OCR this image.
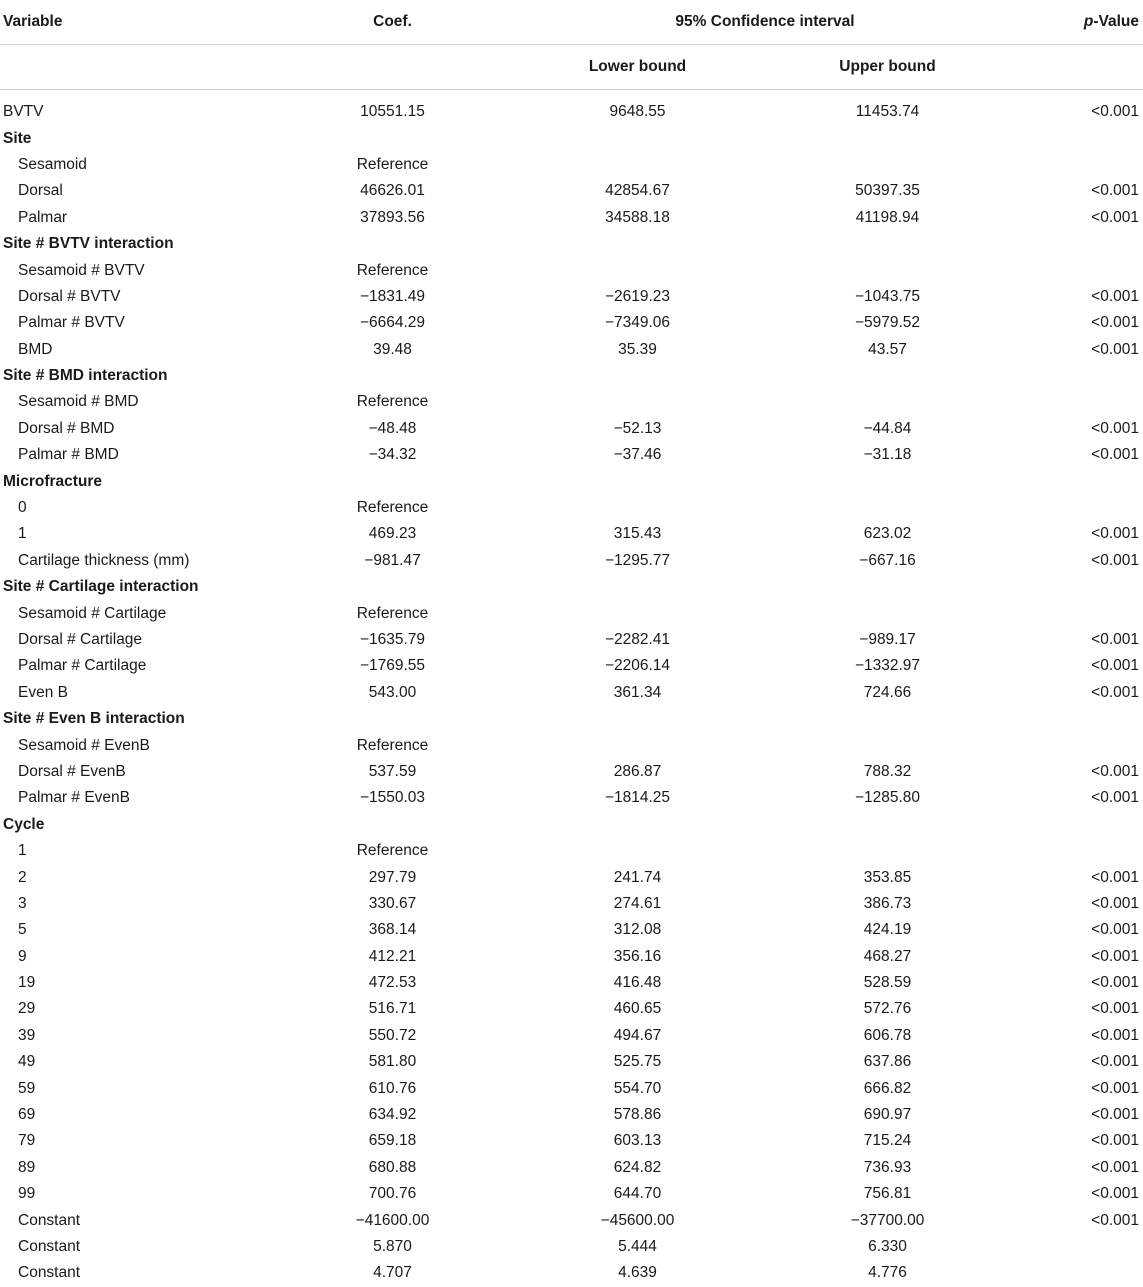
Variable	Coef.	95% Confidence interval		p-Value
		Lower bound	Upper bound	

BVTV	10551.15	9648.55	11453.74	<0.001
Site				
Sesamoid	Reference			
Dorsal	46626.01	42854.67	50397.35	<0.001
Palmar	37893.56	34588.18	41198.94	<0.001
Site # BVTV interaction				
Sesamoid # BVTV	Reference			
Dorsal # BVTV	−1831.49	−2619.23	−1043.75	<0.001
Palmar # BVTV	−6664.29	−7349.06	−5979.52	<0.001
BMD	39.48	35.39	43.57	<0.001
Site # BMD interaction				
Sesamoid # BMD	Reference			
Dorsal # BMD	−48.48	−52.13	−44.84	<0.001
Palmar # BMD	−34.32	−37.46	−31.18	<0.001
Microfracture				
0	Reference			
1	469.23	315.43	623.02	<0.001
Cartilage thickness (mm)	−981.47	−1295.77	−667.16	<0.001
Site # Cartilage interaction				
Sesamoid # Cartilage	Reference			
Dorsal # Cartilage	−1635.79	−2282.41	−989.17	<0.001
Palmar # Cartilage	−1769.55	−2206.14	−1332.97	<0.001
Even B	543.00	361.34	724.66	<0.001
Site # Even B interaction				
Sesamoid # EvenB	Reference			
Dorsal # EvenB	537.59	286.87	788.32	<0.001
Palmar # EvenB	−1550.03	−1814.25	−1285.80	<0.001
Cycle				
1	Reference			
2	297.79	241.74	353.85	<0.001
3	330.67	274.61	386.73	<0.001
5	368.14	312.08	424.19	<0.001
9	412.21	356.16	468.27	<0.001
19	472.53	416.48	528.59	<0.001
29	516.71	460.65	572.76	<0.001
39	550.72	494.67	606.78	<0.001
49	581.80	525.75	637.86	<0.001
59	610.76	554.70	666.82	<0.001
69	634.92	578.86	690.97	<0.001
79	659.18	603.13	715.24	<0.001
89	680.88	624.82	736.93	<0.001
99	700.76	644.70	756.81	<0.001
Constant	−41600.00	−45600.00	−37700.00	<0.001
Constant	5.870	5.444	6.330	
Constant	4.707	4.639	4.776	
